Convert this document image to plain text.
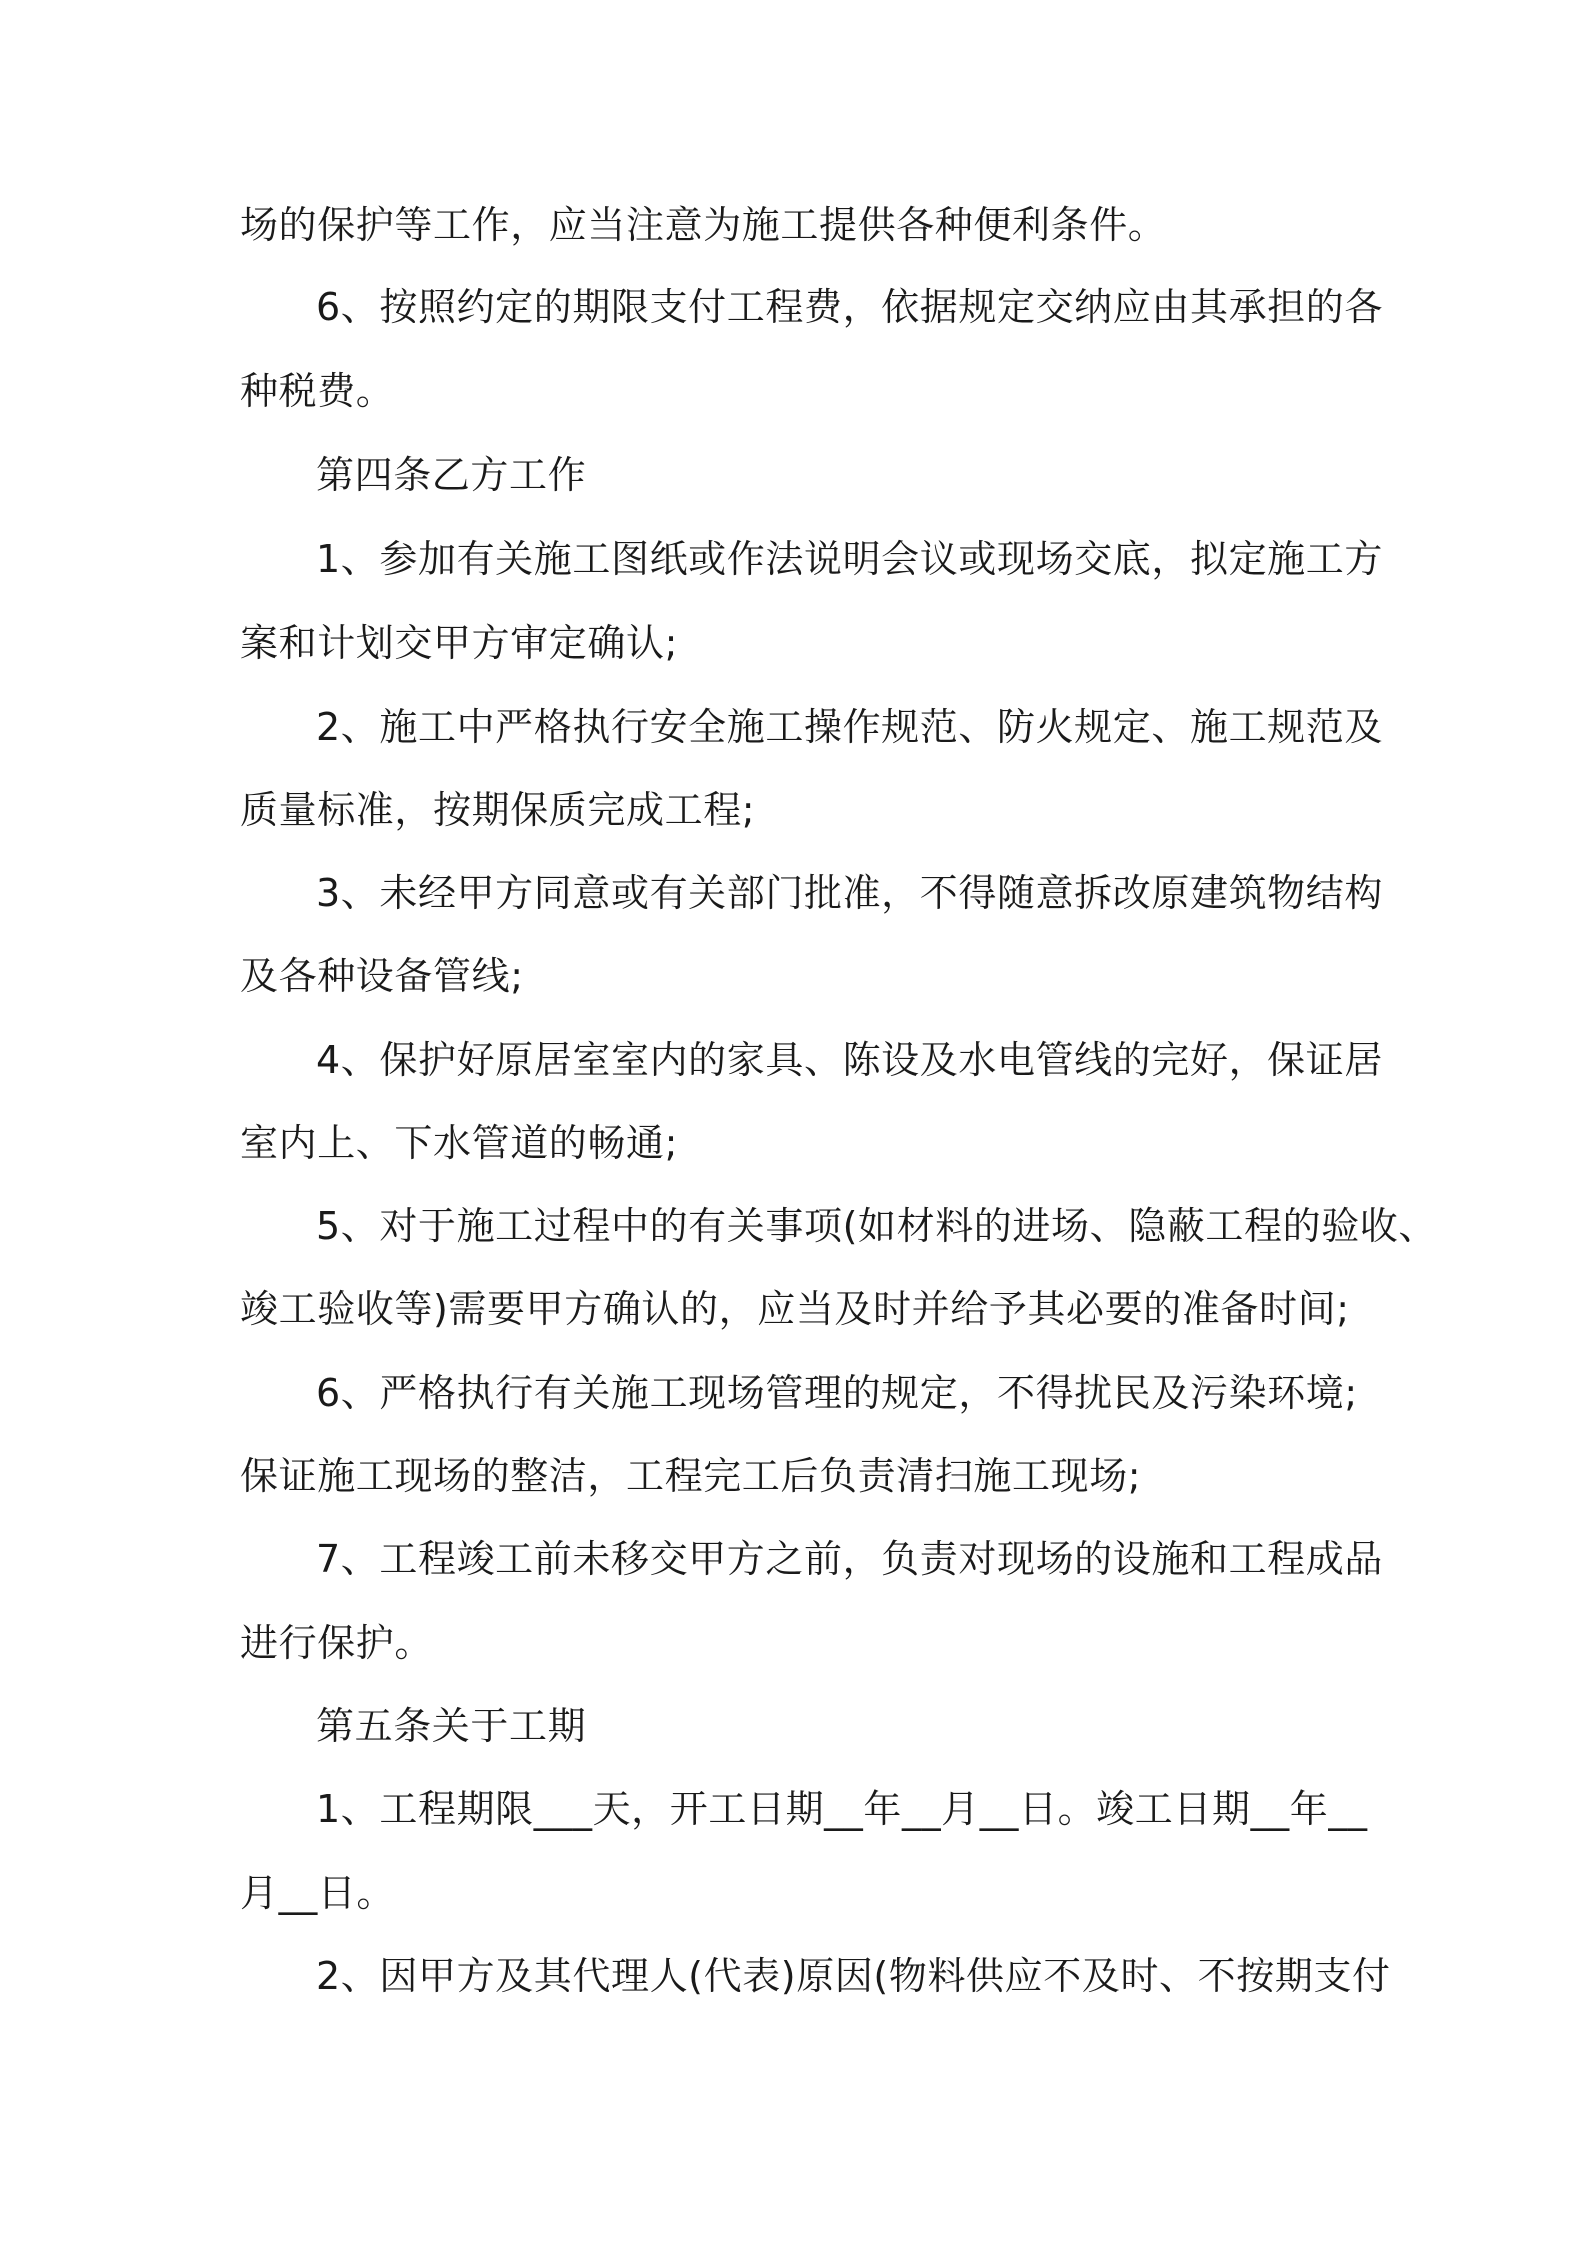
场的保护等工作，应当注意为施工提供各种便利条件。
6、按照约定的期限支付工程费，依据规定交纳应由其承担的各
种税费。
第四条乙方工作
1、参加有关施工图纸或作法说明会议或现场交底，拟定施工方
案和计划交甲方审定确认;
2、施工中严格执行安全施工操作规范、防火规定、施工规范及
质量标准，按期保质完成工程;
3、未经甲方同意或有关部门批准，不得随意拆改原建筑物结构
及各种设备管线;
4、保护好原居室室内的家具、陈设及水电管线的完好，保证居
室内上、下水管道的畅通;
5、对于施工过程中的有关事项(如材料的进场、隐蔽工程的验收、
竣工验收等)需要甲方确认的，应当及时并给予其必要的准备时间;
6、严格执行有关施工现场管理的规定，不得扰民及污染环境;
保证施工现场的整洁，工程完工后负责清扫施工现场;
7、工程竣工前未移交甲方之前，负责对现场的设施和工程成品
进行保护。
第五条关于工期
1、工程期限___天，开工日期__年__月__日。竣工日期__年__
月__日。
2、因甲方及其代理人(代表)原因(物料供应不及时、不按期支付
